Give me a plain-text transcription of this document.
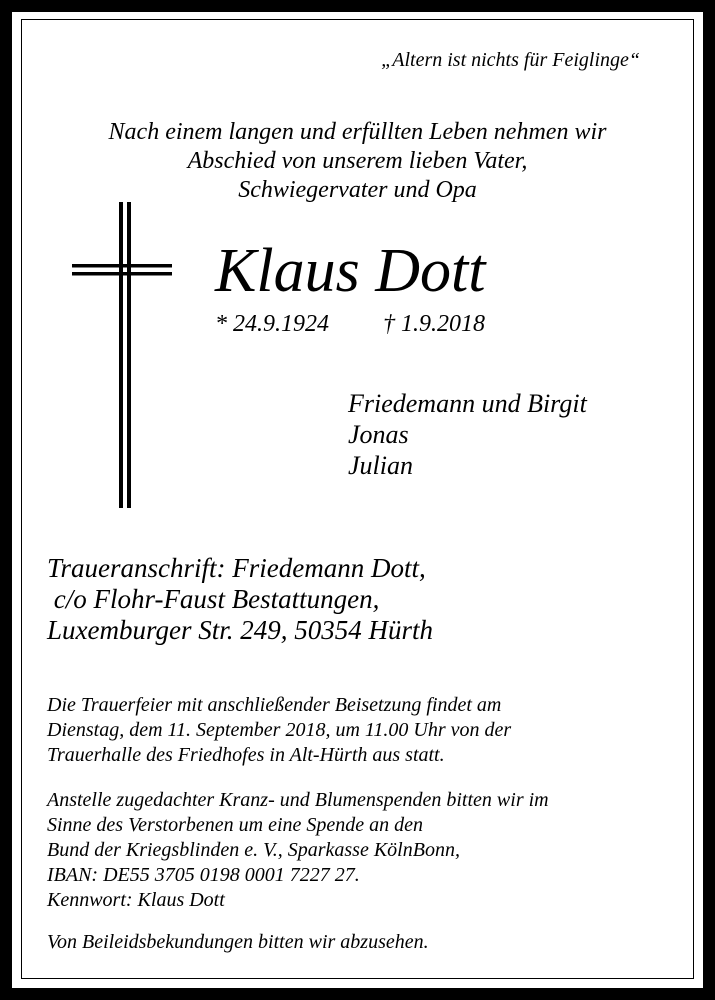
„Altern ist nichts für Feiglinge“

Nach einem langen und erfüllten Leben nehmen wir
Abschied von unserem lieben Vater,
Schwiegervater und Opa

Klaus Dott

* 24.9.1924 † 1.9.2018

Friedemann und Birgit
Jonas
Julian
Traueranschrift: Friedemann Dott,
c/o Flohr-Faust Bestattungen,
Luxemburger Str. 249, 50354 Hürth
Die Trauerfeier mit anschließender Beisetzung findet am
Dienstag, dem 11. September 2018, um 11.00 Uhr von der
Trauerhalle des Friedhofes in Alt-Hürth aus statt.
Anstelle zugedachter Kranz- und Blumenspenden bitten wir im
Sinne des Verstorbenen um eine Spende an den
Bund der Kriegsblinden e. V., Sparkasse KölnBonn,
IBAN: DE55 3705 0198 0001 7227 27.
Kennwort: Klaus Dott

Von Beileidsbekundungen bitten wir abzusehen.
